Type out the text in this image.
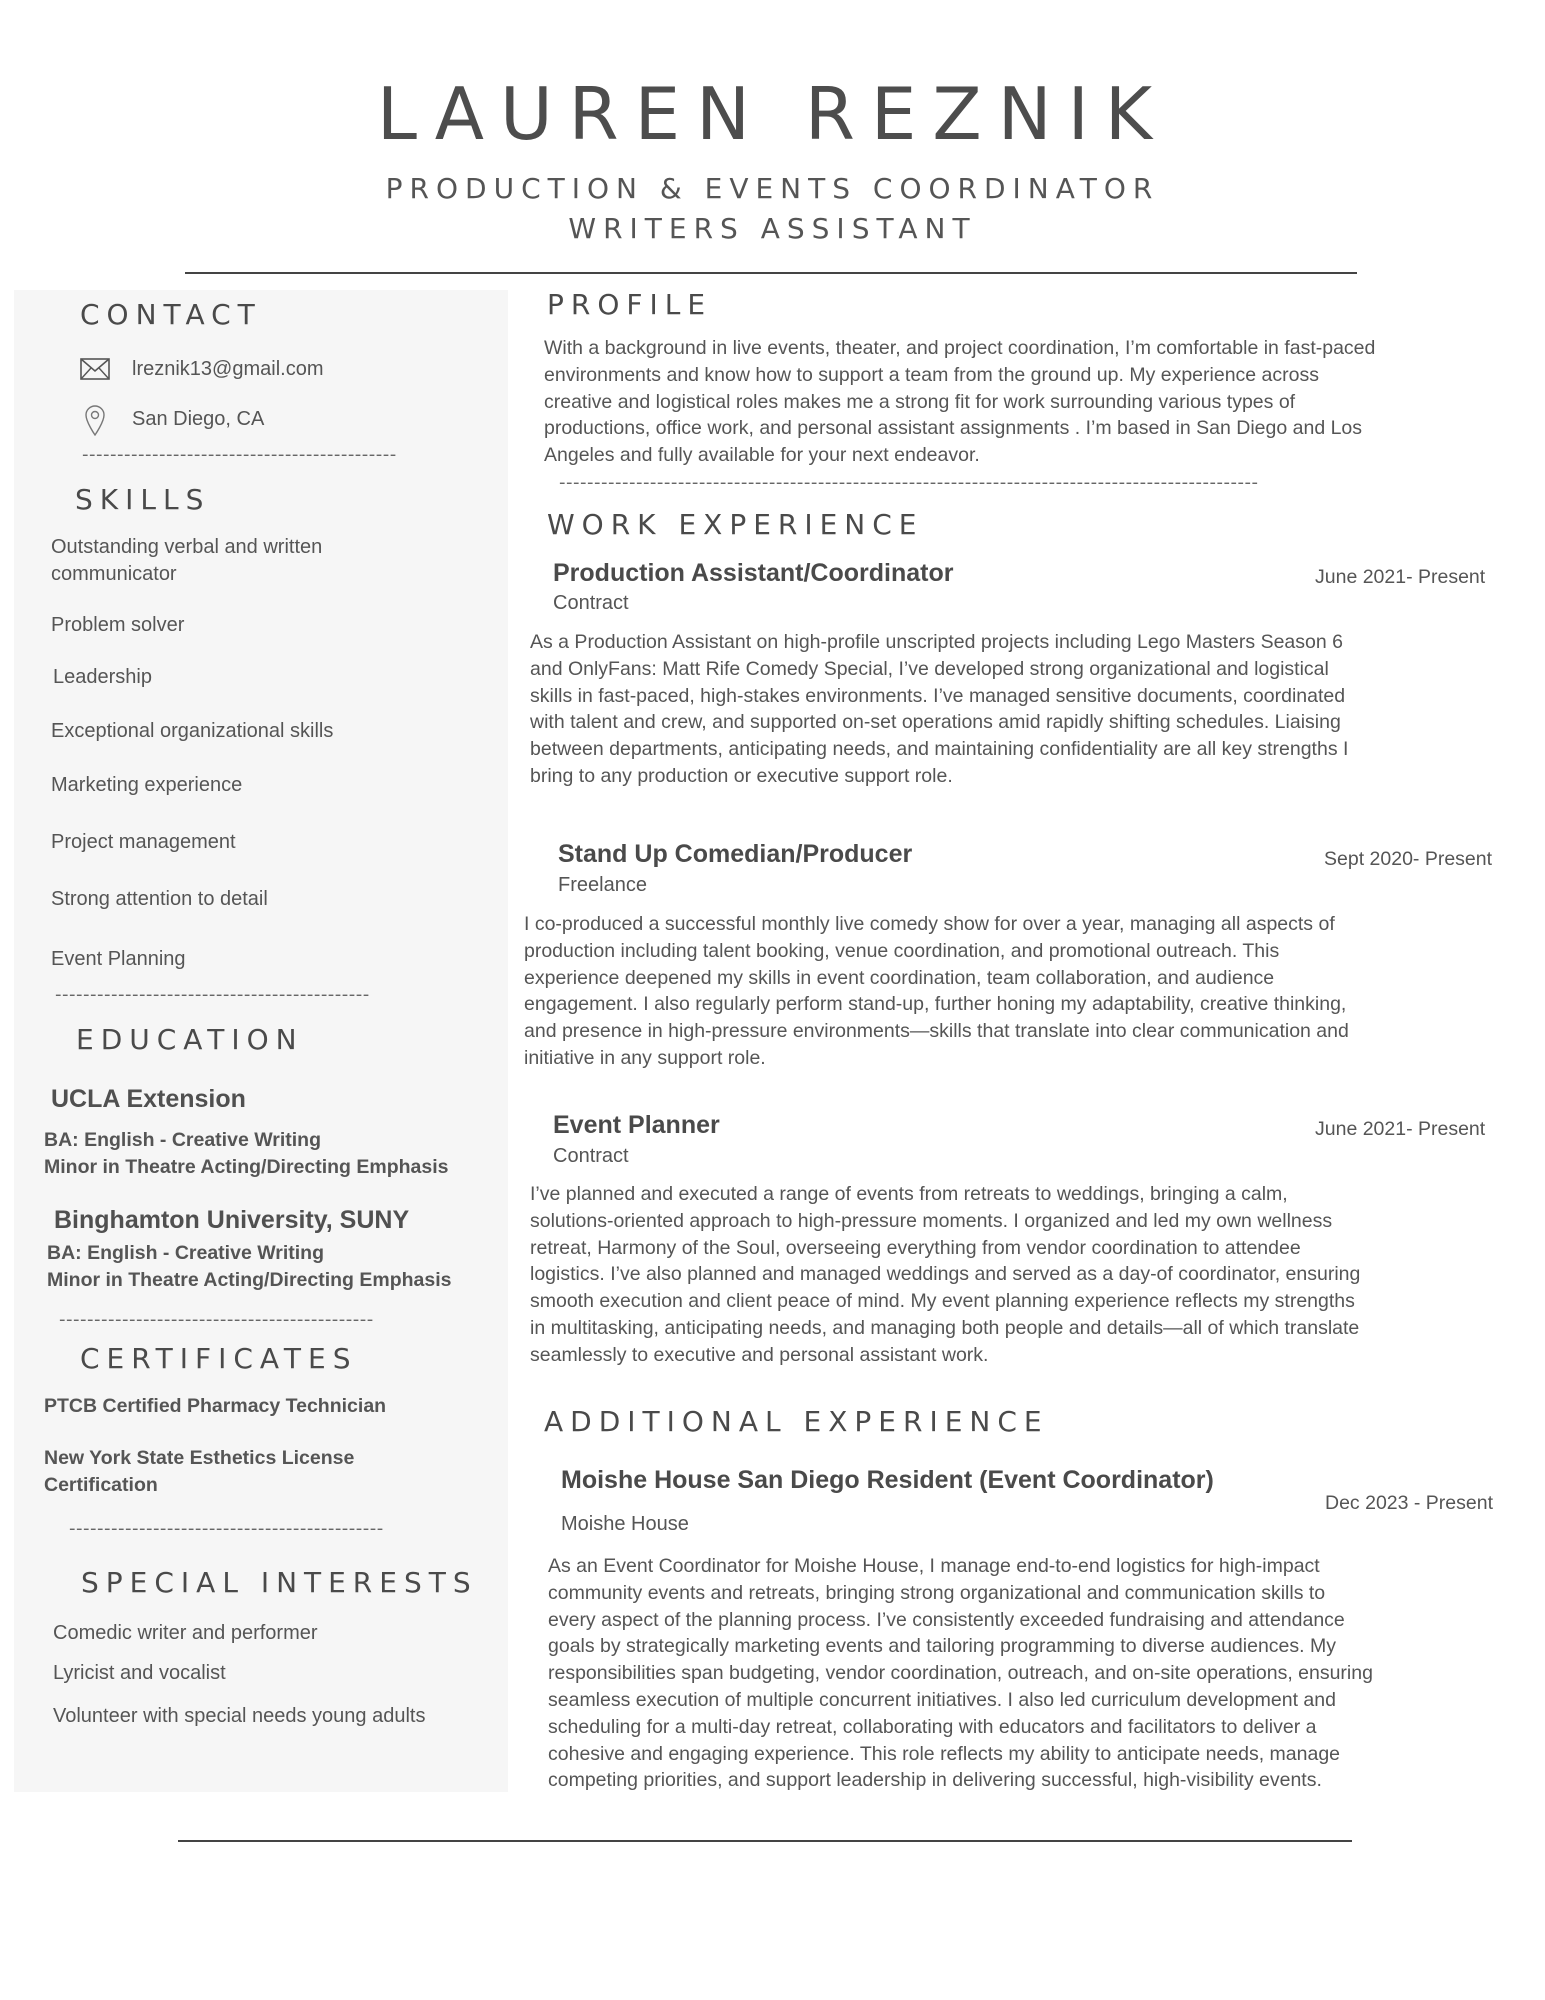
LAUREN REZNIK
PRODUCTION & EVENTS COORDINATOR
WRITERS ASSISTANT
CONTACT
lreznik13@gmail.com
San Diego, CA
---------------------------------------------
SKILLS
Outstanding verbal and written communicator
Problem solver
Leadership
Exceptional organizational skills
Marketing experience
Project management
Strong attention to detail
Event Planning
---------------------------------------------
EDUCATION
UCLA Extension
BA: English - Creative Writing
Minor in Theatre Acting/Directing Emphasis
Binghamton University, SUNY
BA: English - Creative Writing
Minor in Theatre Acting/Directing Emphasis
---------------------------------------------
CERTIFICATES
PTCB Certified Pharmacy Technician
New York State Esthetics License Certification
---------------------------------------------
SPECIAL INTERESTS
Comedic writer and performer
Lyricist and vocalist
Volunteer with special needs young adults
PROFILE
With a background in live events, theater, and project coordination, I’m comfortable in fast-paced environments and know how to support a team from the ground up. My experience across creative and logistical roles makes me a strong fit for work surrounding various types of productions, office work, and personal assistant assignments . I’m based in San Diego and Los Angeles and fully available for your next endeavor.
----------------------------------------------------------------------------------------------------
WORK EXPERIENCE
Production Assistant/Coordinator	June 2021- Present
Contract
As a Production Assistant on high-profile unscripted projects including Lego Masters Season 6 and OnlyFans: Matt Rife Comedy Special, I’ve developed strong organizational and logistical skills in fast-paced, high-stakes environments. I’ve managed sensitive documents, coordinated with talent and crew, and supported on-set operations amid rapidly shifting schedules. Liaising between departments, anticipating needs, and maintaining confidentiality are all key strengths I bring to any production or executive support role.
Stand Up Comedian/Producer	Sept 2020- Present
Freelance
I co-produced a successful monthly live comedy show for over a year, managing all aspects of production including talent booking, venue coordination, and promotional outreach. This experience deepened my skills in event coordination, team collaboration, and audience engagement. I also regularly perform stand-up, further honing my adaptability, creative thinking, and presence in high-pressure environments—skills that translate into clear communication and initiative in any support role.
Event Planner	June 2021- Present
Contract
I’ve planned and executed a range of events from retreats to weddings, bringing a calm, solutions-oriented approach to high-pressure moments. I organized and led my own wellness retreat, Harmony of the Soul, overseeing everything from vendor coordination to attendee logistics. I’ve also planned and managed weddings and served as a day-of coordinator, ensuring smooth execution and client peace of mind. My event planning experience reflects my strengths in multitasking, anticipating needs, and managing both people and details—all of which translate seamlessly to executive and personal assistant work.
ADDITIONAL EXPERIENCE
Moishe House San Diego Resident (Event Coordinator)
Dec 2023 - Present
Moishe House
As an Event Coordinator for Moishe House, I manage end-to-end logistics for high-impact community events and retreats, bringing strong organizational and communication skills to every aspect of the planning process. I’ve consistently exceeded fundraising and attendance goals by strategically marketing events and tailoring programming to diverse audiences. My responsibilities span budgeting, vendor coordination, outreach, and on-site operations, ensuring seamless execution of multiple concurrent initiatives. I also led curriculum development and scheduling for a multi-day retreat, collaborating with educators and facilitators to deliver a cohesive and engaging experience. This role reflects my ability to anticipate needs, manage competing priorities, and support leadership in delivering successful, high-visibility events.
